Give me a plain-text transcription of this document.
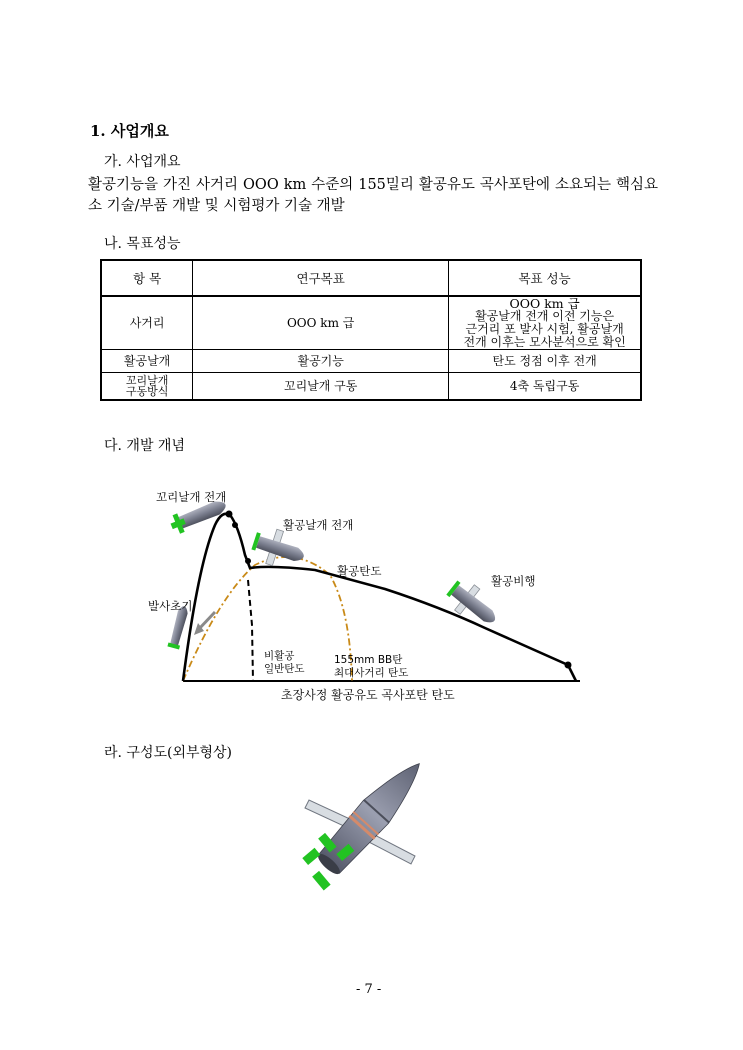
1. 사업개요
가. 사업개요
활공기능을 가진 사거리 OOO km 수준의 155밀리 활공유도 곡사포탄에 소요되는 핵심요소 기술/부품 개발 및 시험평가 기술 개발
나. 목표성능
항 목	연구목표	목표 성능
사거리	OOO km 급	OOO km 급
활공날개 전개 이전 기능은
근거리 포 발사 시험, 활공날개
전개 이후는 모사분석으로 확인

활공날개	활공기능	탄도 정점 이후 전개

꼬리날개
구동방식	꼬리날개 구동	4축 독립구동
다. 개발 개념
꼬리날개 전개
활공날개 전개
활공탄도
활공비행
발사초기
비활공
일반탄도
155mm BB탄
최대사거리 탄도
초장사정 활공유도 곡사포탄 탄도
라. 구성도(외부형상)
- 7 -
